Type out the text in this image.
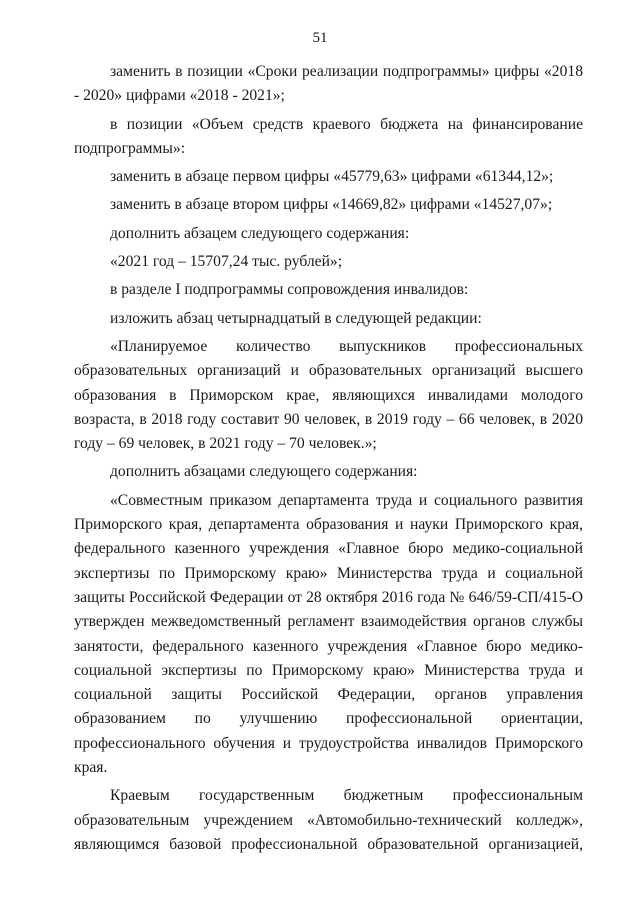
51

заменить в позиции «Сроки реализации подпрограммы» цифры «2018 - 2020» цифрами «2018 - 2021»;

в позиции «Объем средств краевого бюджета на финансирование подпрограммы»:

заменить в абзаце первом цифры «45779,63» цифрами «61344,12»;

заменить в абзаце втором цифры «14669,82» цифрами «14527,07»;

дополнить абзацем следующего содержания:

«2021 год – 15707,24 тыс. рублей»;

в разделе I подпрограммы сопровождения инвалидов:

изложить абзац четырнадцатый в следующей редакции:

«Планируемое количество выпускников профессиональных образовательных организаций и образовательных организаций высшего образования в Приморском крае, являющихся инвалидами молодого возраста, в 2018 году составит 90 человек, в 2019 году – 66 человек, в 2020 году – 69 человек, в 2021 году – 70 человек.»;

дополнить абзацами следующего содержания:

«Совместным приказом департамента труда и социального развития Приморского края, департамента образования и науки Приморского края, федерального казенного учреждения «Главное бюро медико-социальной экспертизы по Приморскому краю» Министерства труда и социальной защиты Российской Федерации от 28 октября 2016 года № 646/59-СП/415-О утвержден межведомственный регламент взаимодействия органов службы занятости, федерального казенного учреждения «Главное бюро медико-социальной экспертизы по Приморскому краю» Министерства труда и социальной защиты Российской Федерации, органов управления образованием по улучшению профессиональной ориентации, профессионального обучения и трудоустройства инвалидов Приморского края.

Краевым государственным бюджетным профессиональным образовательным учреждением «Автомобильно-технический колледж», являющимся базовой профессиональной образовательной организацией,
